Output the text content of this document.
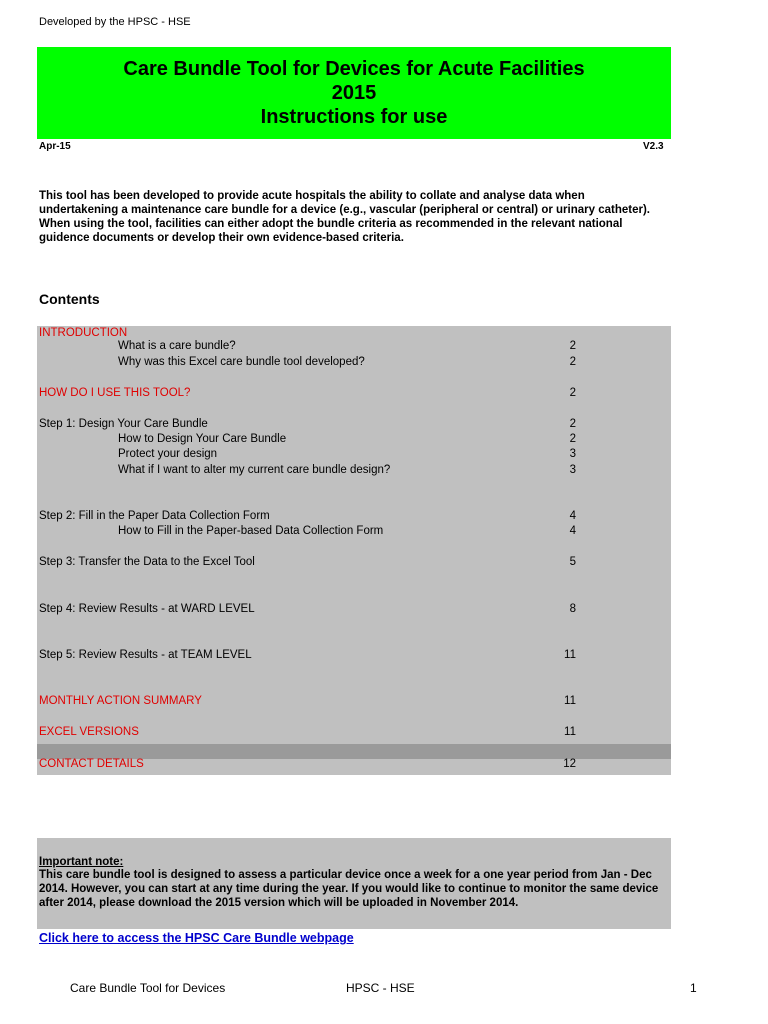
Developed by the HPSC - HSE
Care Bundle Tool for Devices for Acute Facilities
2015
Instructions for use
Apr-15	V2.3
This tool has been developed to provide acute hospitals the ability to collate and analyse data when undertakening a maintenance care bundle for a device (e.g., vascular (peripheral or central) or urinary catheter). When using the tool, facilities can either adopt the bundle criteria as recommended in the relevant national guidence documents or develop their own evidence-based criteria.
Contents
INTRODUCTION
What is a care bundle?	2
Why was this Excel care bundle tool developed?	2
HOW DO I USE THIS TOOL?	2
Step 1: Design Your Care Bundle	2
How to Design Your Care Bundle	2
Protect your design	3
What if I want to alter my current care bundle design?	3
Step 2: Fill in the Paper Data Collection Form	4
How to Fill in the Paper-based Data Collection Form	4
Step 3: Transfer the Data to the Excel Tool	5
Step 4: Review Results - at WARD LEVEL	8
Step 5: Review Results - at TEAM LEVEL	11
MONTHLY ACTION SUMMARY	11
EXCEL VERSIONS	11
CONTACT DETAILS	12
Important note:
This care bundle tool is designed to assess a particular device once a week for a one year period from Jan - Dec 2014. However, you can start at any time during the year. If you would like to continue to monitor the same device after 2014, please download the 2015 version which will be uploaded in November 2014.
Click here to access the HPSC Care Bundle webpage
Care Bundle Tool for Devices	HPSC - HSE	1
